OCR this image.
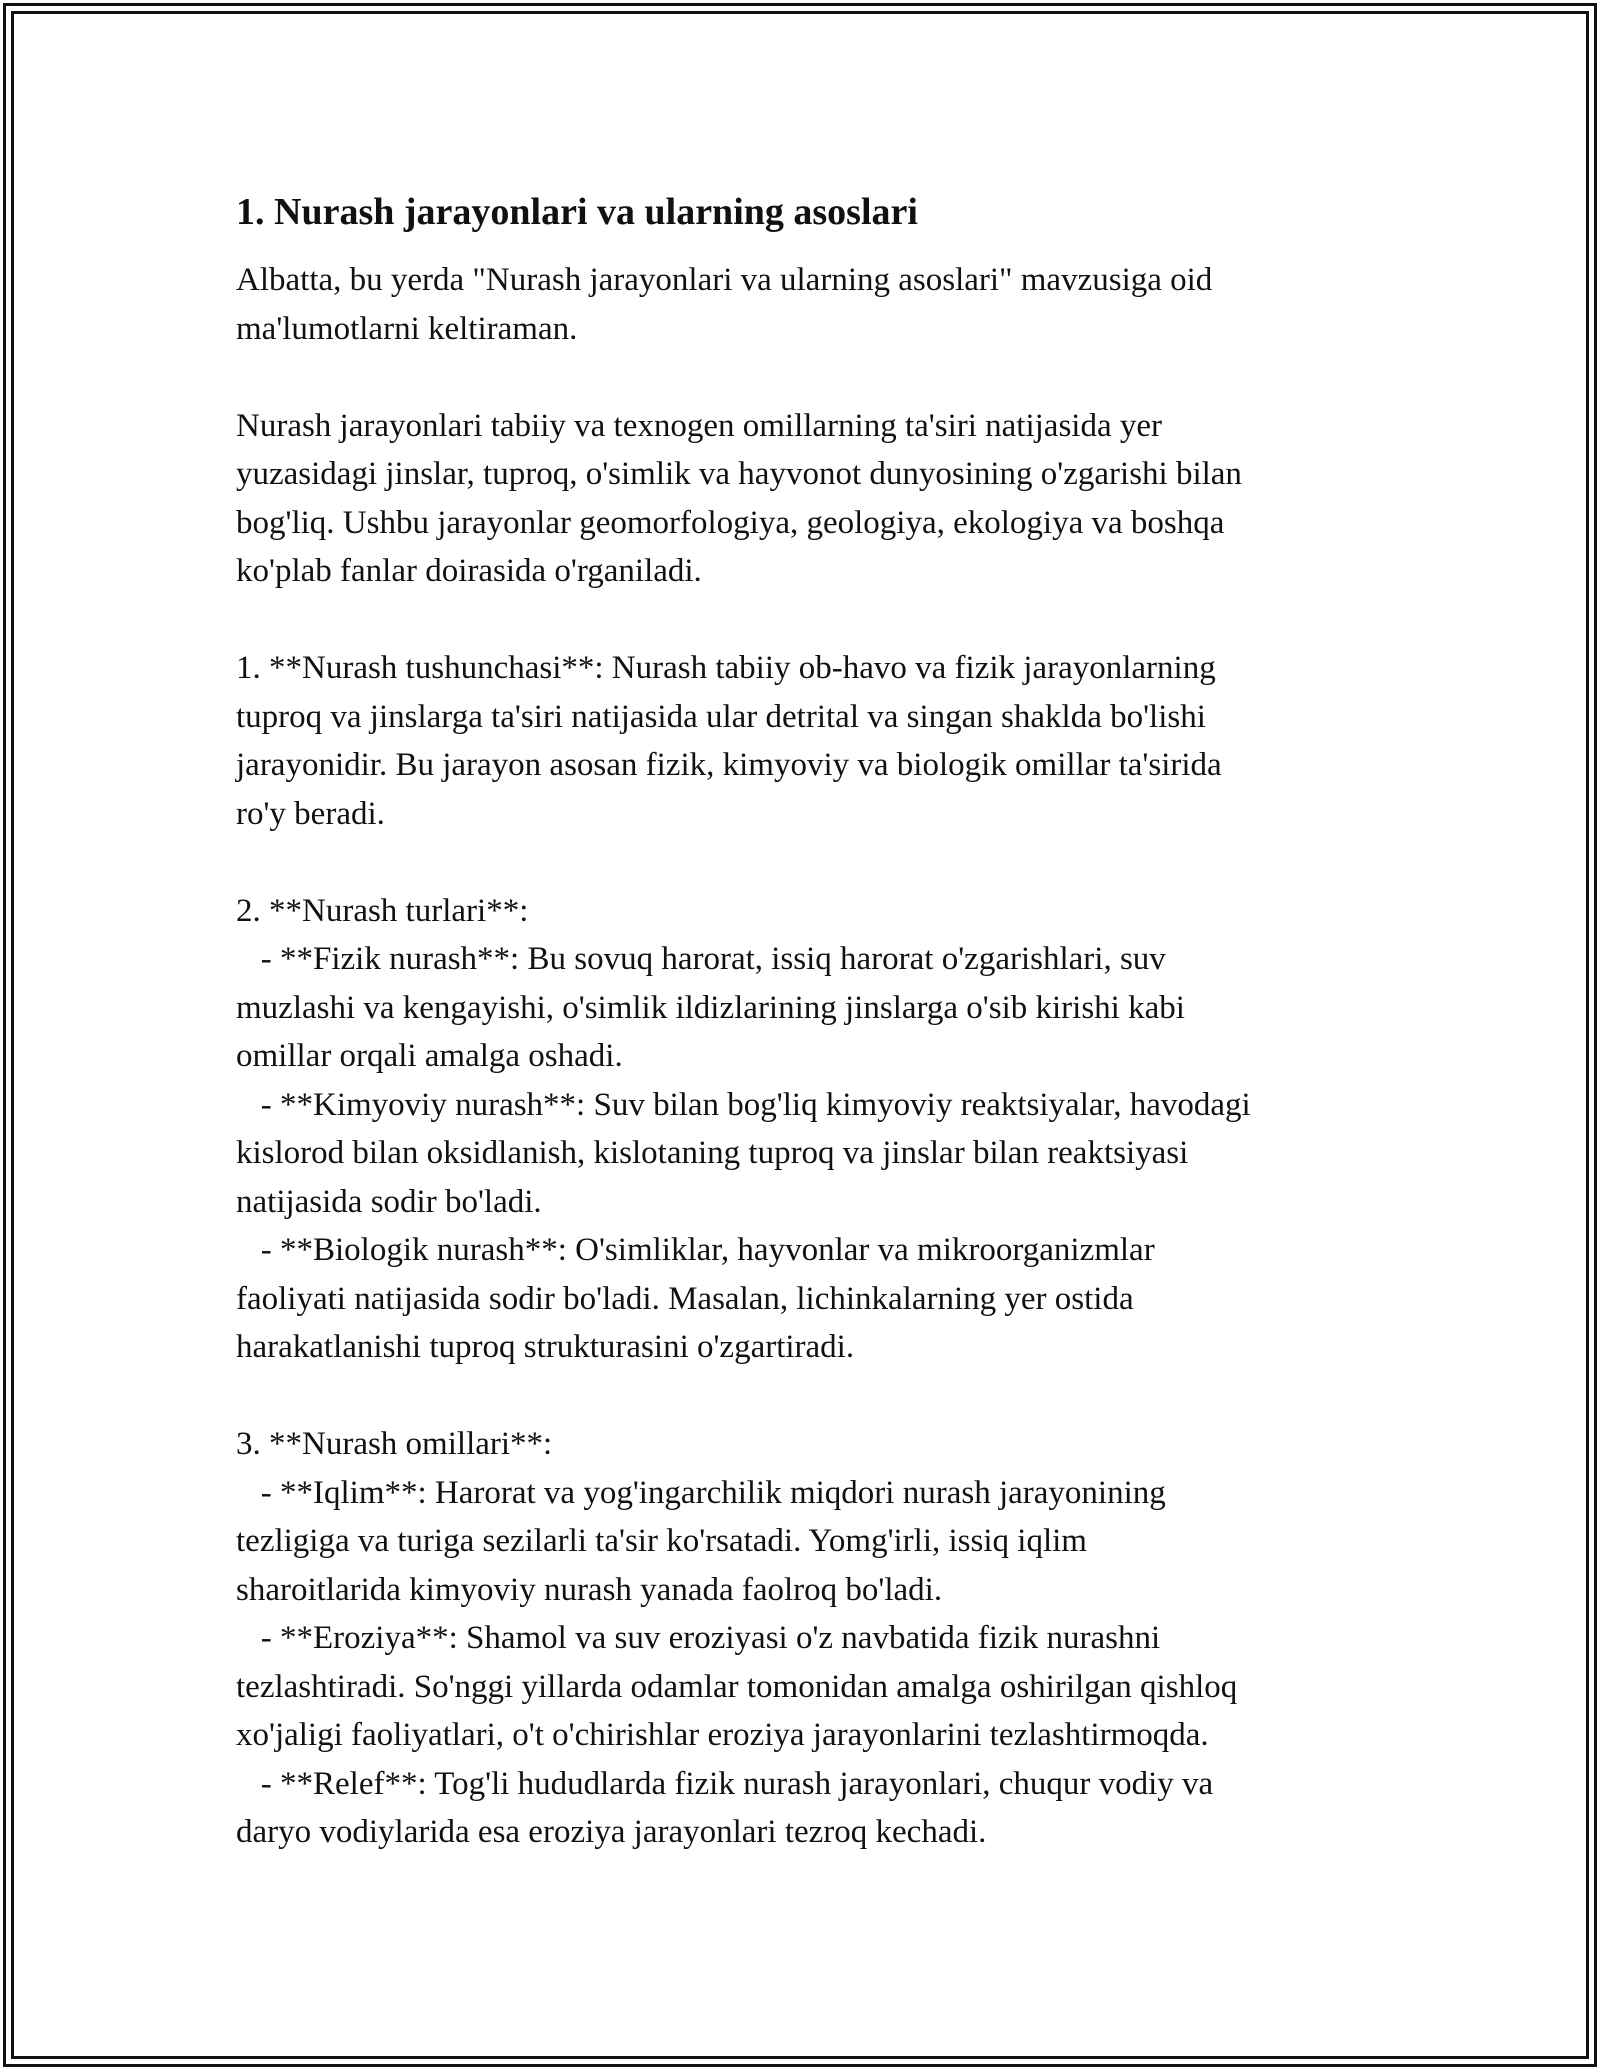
1. Nurash jarayonlari va ularning asoslari
Albatta, bu yerda "Nurash jarayonlari va ularning asoslari" mavzusiga oid
ma'lumotlarni keltiraman.
Nurash jarayonlari tabiiy va texnogen omillarning ta'siri natijasida yer
yuzasidagi jinslar, tuproq, o'simlik va hayvonot dunyosining o'zgarishi bilan
bog'liq. Ushbu jarayonlar geomorfologiya, geologiya, ekologiya va boshqa
ko'plab fanlar doirasida o'rganiladi.
1. **Nurash tushunchasi**: Nurash tabiiy ob-havo va fizik jarayonlarning
tuproq va jinslarga ta'siri natijasida ular detrital va singan shaklda bo'lishi
jarayonidir. Bu jarayon asosan fizik, kimyoviy va biologik omillar ta'sirida
ro'y beradi.
2. **Nurash turlari**:
- **Fizik nurash**: Bu sovuq harorat, issiq harorat o'zgarishlari, suv
muzlashi va kengayishi, o'simlik ildizlarining jinslarga o'sib kirishi kabi
omillar orqali amalga oshadi.
- **Kimyoviy nurash**: Suv bilan bog'liq kimyoviy reaktsiyalar, havodagi
kislorod bilan oksidlanish, kislotaning tuproq va jinslar bilan reaktsiyasi
natijasida sodir bo'ladi.
- **Biologik nurash**: O'simliklar, hayvonlar va mikroorganizmlar
faoliyati natijasida sodir bo'ladi. Masalan, lichinkalarning yer ostida
harakatlanishi tuproq strukturasini o'zgartiradi.
3. **Nurash omillari**:
- **Iqlim**: Harorat va yog'ingarchilik miqdori nurash jarayonining
tezligiga va turiga sezilarli ta'sir ko'rsatadi. Yomg'irli, issiq iqlim
sharoitlarida kimyoviy nurash yanada faolroq bo'ladi.
- **Eroziya**: Shamol va suv eroziyasi o'z navbatida fizik nurashni
tezlashtiradi. So'nggi yillarda odamlar tomonidan amalga oshirilgan qishloq
xo'jaligi faoliyatlari, o't o'chirishlar eroziya jarayonlarini tezlashtirmoqda.
- **Relef**: Tog'li hududlarda fizik nurash jarayonlari, chuqur vodiy va
daryo vodiylarida esa eroziya jarayonlari tezroq kechadi.
